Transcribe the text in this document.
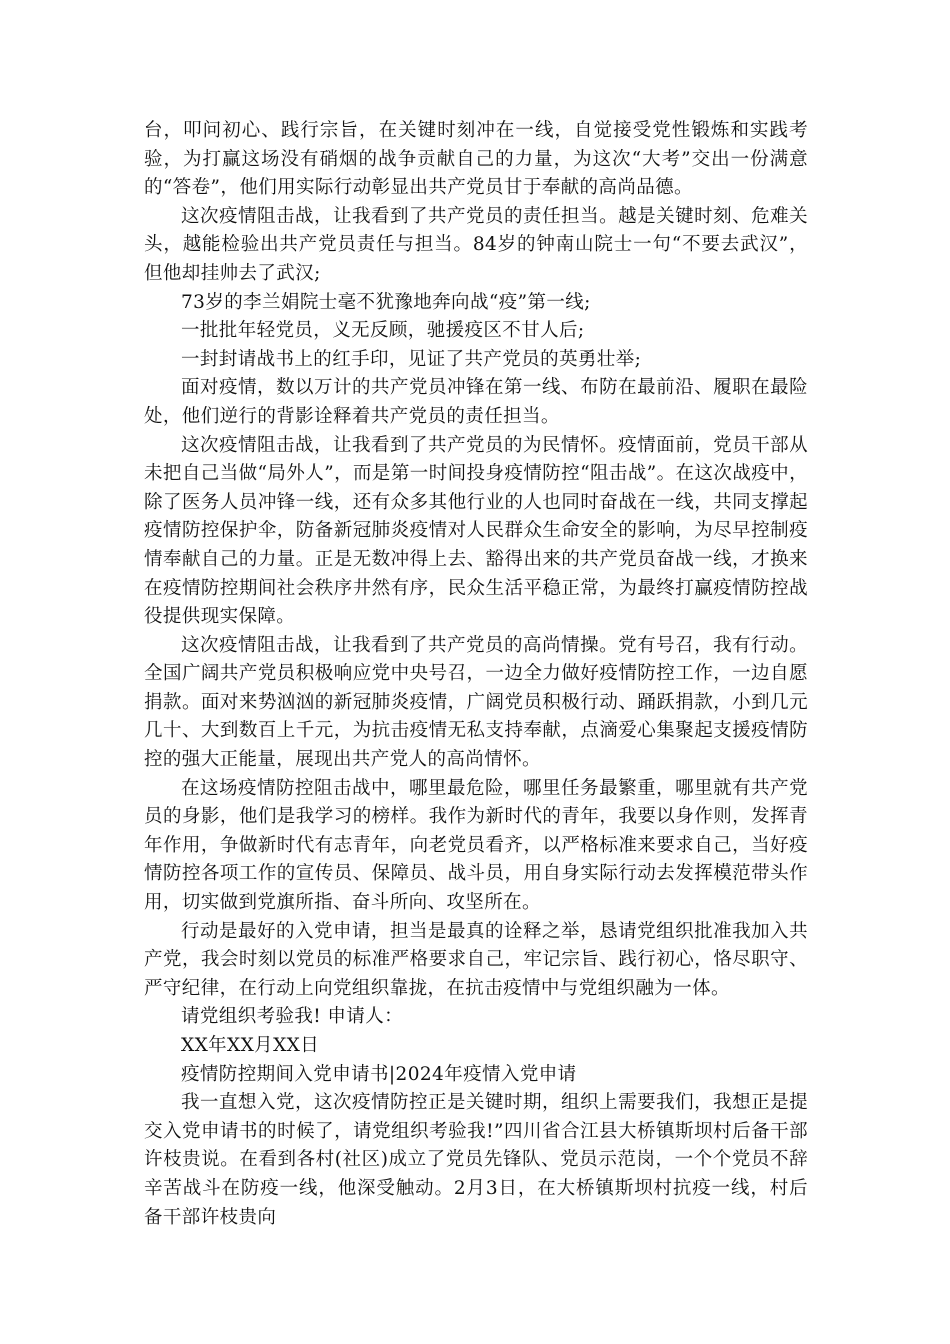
台，叩问初心、践行宗旨，在关键时刻冲在一线，自觉接受党性锻炼和实践考验，为打赢这场没有硝烟的战争贡献自己的力量，为这次“大考”交出一份满意的“答卷”，他们用实际行动彰显出共产党员甘于奉献的高尚品德。

这次疫情阻击战，让我看到了共产党员的责任担当。越是关键时刻、危难关头，越能检验出共产党员责任与担当。84岁的钟南山院士一句“不要去武汉”，但他却挂帅去了武汉;

73岁的李兰娟院士毫不犹豫地奔向战“疫”第一线;

一批批年轻党员，义无反顾，驰援疫区不甘人后;

一封封请战书上的红手印，见证了共产党员的英勇壮举;

面对疫情，数以万计的共产党员冲锋在第一线、布防在最前沿、履职在最险处，他们逆行的背影诠释着共产党员的责任担当。

这次疫情阻击战，让我看到了共产党员的为民情怀。疫情面前，党员干部从未把自己当做“局外人”，而是第一时间投身疫情防控“阻击战”。在这次战疫中，除了医务人员冲锋一线，还有众多其他行业的人也同时奋战在一线，共同支撑起疫情防控保护伞，防备新冠肺炎疫情对人民群众生命安全的影响，为尽早控制疫情奉献自己的力量。正是无数冲得上去、豁得出来的共产党员奋战一线，才换来在疫情防控期间社会秩序井然有序，民众生活平稳正常，为最终打赢疫情防控战役提供现实保障。

这次疫情阻击战，让我看到了共产党员的高尚情操。党有号召，我有行动。全国广阔共产党员积极响应党中央号召，一边全力做好疫情防控工作，一边自愿捐款。面对来势汹汹的新冠肺炎疫情，广阔党员积极行动、踊跃捐款，小到几元几十、大到数百上千元，为抗击疫情无私支持奉献，点滴爱心集聚起支援疫情防控的强大正能量，展现出共产党人的高尚情怀。

在这场疫情防控阻击战中，哪里最危险，哪里任务最繁重，哪里就有共产党员的身影，他们是我学习的榜样。我作为新时代的青年，我要以身作则，发挥青年作用，争做新时代有志青年，向老党员看齐，以严格标准来要求自己，当好疫情防控各项工作的宣传员、保障员、战斗员，用自身实际行动去发挥模范带头作用，切实做到党旗所指、奋斗所向、攻坚所在。

行动是最好的入党申请，担当是最真的诠释之举，恳请党组织批准我加入共产党，我会时刻以党员的标准严格要求自己，牢记宗旨、践行初心，恪尽职守、严守纪律，在行动上向党组织靠拢，在抗击疫情中与党组织融为一体。

请党组织考验我! 申请人：

XX年XX月XX日

疫情防控期间入党申请书|2024年疫情入党申请

我一直想入党，这次疫情防控正是关键时期，组织上需要我们，我想正是提交入党申请书的时候了，请党组织考验我!”四川省合江县大桥镇斯坝村后备干部许枝贵说。在看到各村(社区)成立了党员先锋队、党员示范岗，一个个党员不辞辛苦战斗在防疫一线，他深受触动。2月3日，在大桥镇斯坝村抗疫一线，村后备干部许枝贵向
